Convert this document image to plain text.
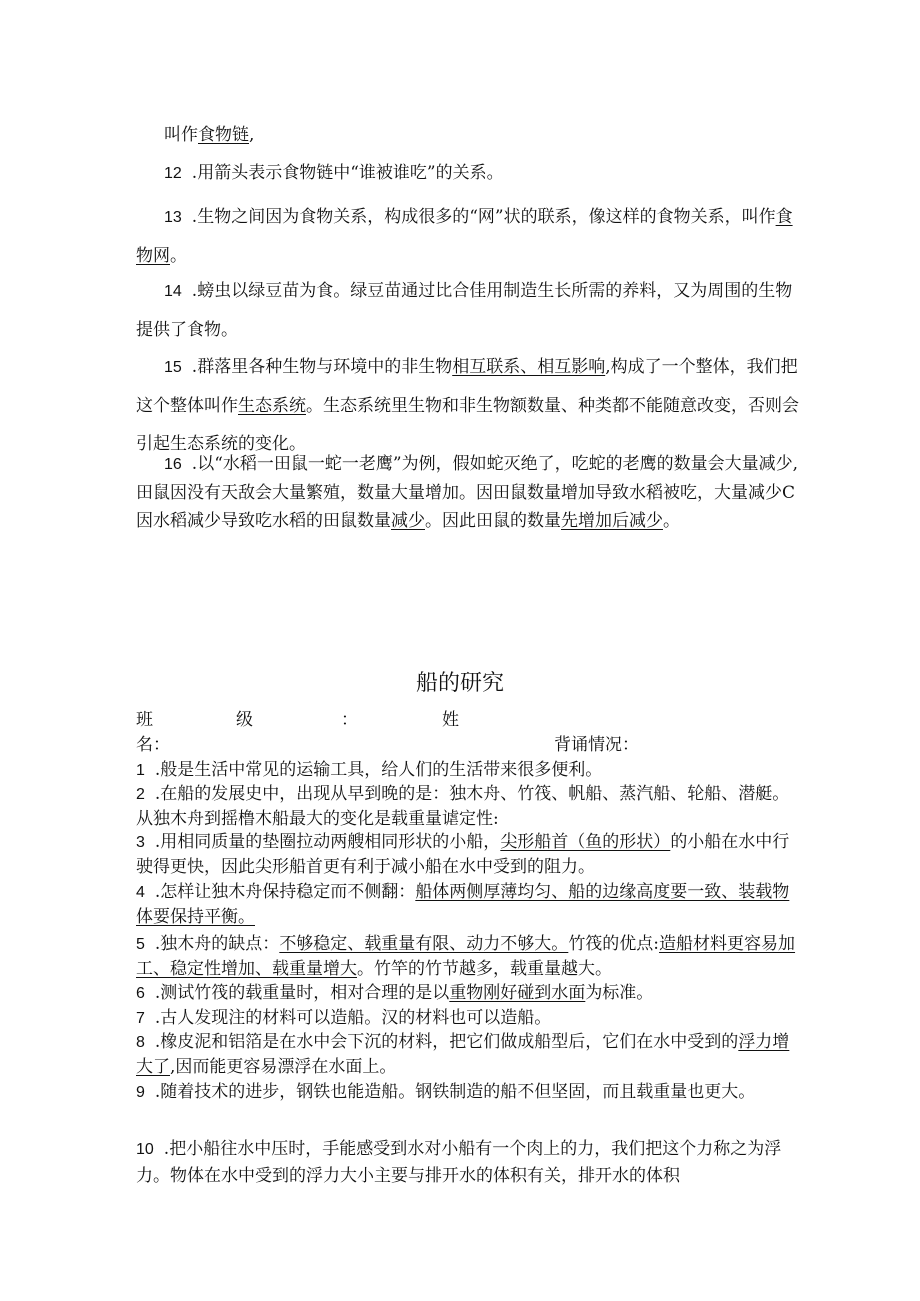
叫作食物链,
12 .用箭头表示食物链中“谁被谁吃”的关系。
13 .生物之间因为食物关系，构成很多的“网”状的联系，像这样的食物关系，叫作食物网。
14 .螃虫以绿豆苗为食。绿豆苗通过比合佳用制造生长所需的养料，又为周围的生物提供了食物。
15 .群落里各种生物与环境中的非生物相互联系、相互影响,构成了一个整体，我们把这个整体叫作生态系统。生态系统里生物和非生物额数量、种类都不能随意改变，否则会引起生态系统的变化。
16 .以“水稻一田鼠一蛇一老鹰”为例，假如蛇灭绝了，吃蛇的老鹰的数量会大量减少,田鼠因没有天敌会大量繁殖，数量大量增加。因田鼠数量增加导致水稻被吃，大量减少C因水稻减少导致吃水稻的田鼠数量减少。因此田鼠的数量先增加后减少。
船的研究
班	级	：	姓
名：	背诵情况：
1 .般是生活中常见的运输工具，给人们的生活带来很多便利。
2 .在船的发展史中，出现从早到晚的是：独木舟、竹筏、帆船、蒸汽船、轮船、潜艇。从独木舟到摇橹木船最大的变化是载重量谑定性:
3 .用相同质量的垫圈拉动两艘相同形状的小船，尖形船首（鱼的形状）的小船在水中行驶得更快，因此尖形船首更有利于减小船在水中受到的阻力。
4 .怎样让独木舟保持稳定而不侧翻：船体两侧厚薄均匀、船的边缘高度要一致、装载物体要保持平衡。
5 .独木舟的缺点：不够稳定、载重量有限、动力不够大。竹筏的优点:造船材料更容易加工、稳定性增加、载重量增大。竹竿的竹节越多，载重量越大。
6 .测试竹筏的载重量时，相对合理的是以重物刚好碰到水面为标准。
7 .古人发现注的材料可以造船。汉的材料也可以造船。
8 .橡皮泥和铝箔是在水中会下沉的材料，把它们做成船型后，它们在水中受到的浮力增大了,因而能更容易漂浮在水面上。
9 .随着技术的进步，钢铁也能造船。钢铁制造的船不但坚固，而且载重量也更大。
10 .把小船往水中压时，手能感受到水对小船有一个肉上的力，我们把这个力称之为浮力。物体在水中受到的浮力大小主要与排开水的体积有关，排开水的体积
